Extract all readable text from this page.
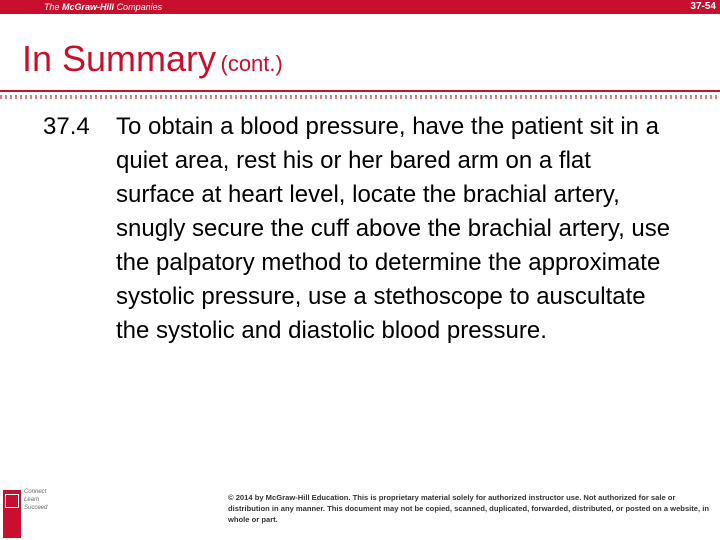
The McGraw-Hill Companies	37-54
In Summary (cont.)
37.4 To obtain a blood pressure, have the patient sit in a quiet area, rest his or her bared arm on a flat surface at heart level, locate the brachial artery, snugly secure the cuff above the brachial artery, use the palpatory method to determine the approximate systolic pressure, use a stethoscope to auscultate the systolic and diastolic blood pressure.
Connect
Learn
Succeed
© 2014 by McGraw-Hill Education. This is proprietary material solely for authorized instructor use. Not authorized for sale or distribution in any manner. This document may not be copied, scanned, duplicated, forwarded, distributed, or posted on a website, in whole or part.
